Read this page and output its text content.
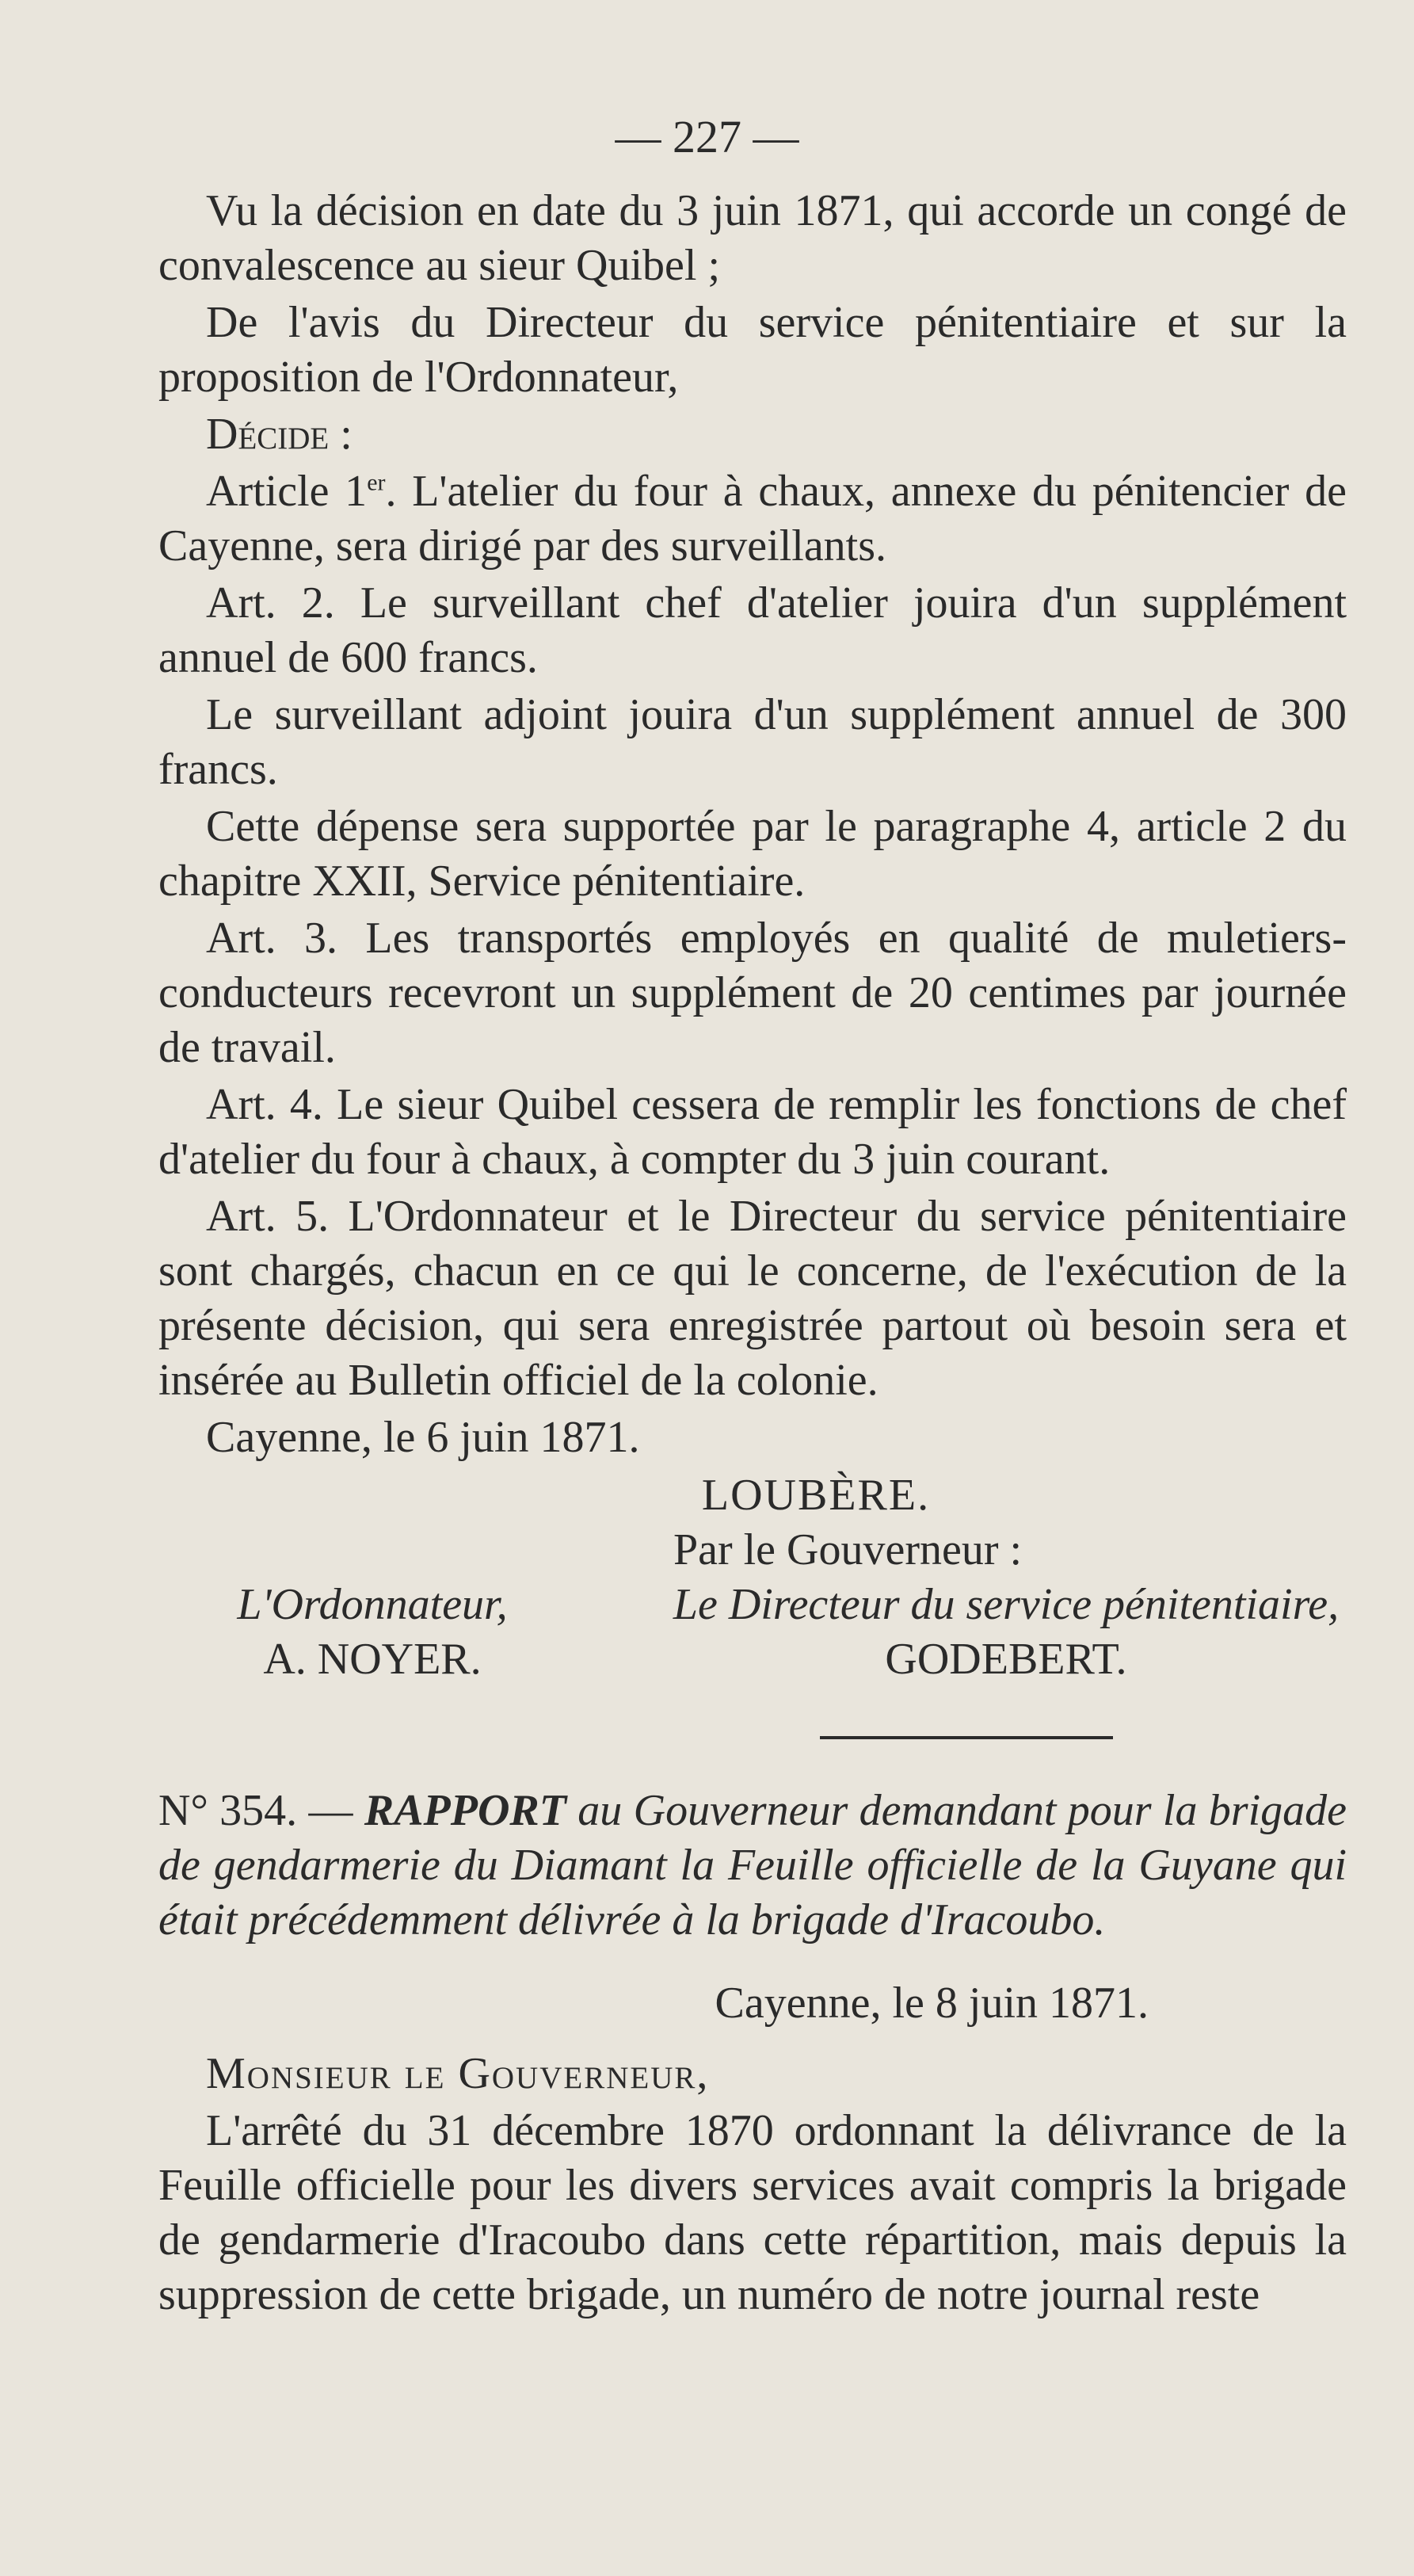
— 227 —

Vu la décision en date du 3 juin 1871, qui accorde un congé de convalescence au sieur Quibel ;

De l'avis du Directeur du service pénitentiaire et sur la proposition de l'Ordonnateur,

Décide :

Article 1er. L'atelier du four à chaux, annexe du pénitencier de Cayenne, sera dirigé par des surveillants.

Art. 2. Le surveillant chef d'atelier jouira d'un supplément annuel de 600 francs.

Le surveillant adjoint jouira d'un supplément annuel de 300 francs.

Cette dépense sera supportée par le paragraphe 4, article 2 du chapitre XXII, Service pénitentiaire.

Art. 3. Les transportés employés en qualité de muletiers-conducteurs recevront un supplément de 20 centimes par journée de travail.

Art. 4. Le sieur Quibel cessera de remplir les fonctions de chef d'atelier du four à chaux, à compter du 3 juin courant.

Art. 5. L'Ordonnateur et le Directeur du service pénitentiaire sont chargés, chacun en ce qui le concerne, de l'exécution de la présente décision, qui sera enregistrée partout où besoin sera et insérée au Bulletin officiel de la colonie.

Cayenne, le 6 juin 1871.

LOUBÈRE.
Par le Gouverneur :
L'Ordonnateur,	Le Directeur du service pénitentiaire,
A. NOYER.	GODEBERT.

N° 354. — RAPPORT au Gouverneur demandant pour la brigade de gendarmerie du Diamant la Feuille officielle de la Guyane qui était précédemment délivrée à la brigade d'Iracoubo.

Cayenne, le 8 juin 1871.
Monsieur le Gouverneur,

L'arrêté du 31 décembre 1870 ordonnant la délivrance de la Feuille officielle pour les divers services avait compris la brigade de gendarmerie d'Iracoubo dans cette répartition, mais depuis la suppression de cette brigade, un numéro de notre journal reste
